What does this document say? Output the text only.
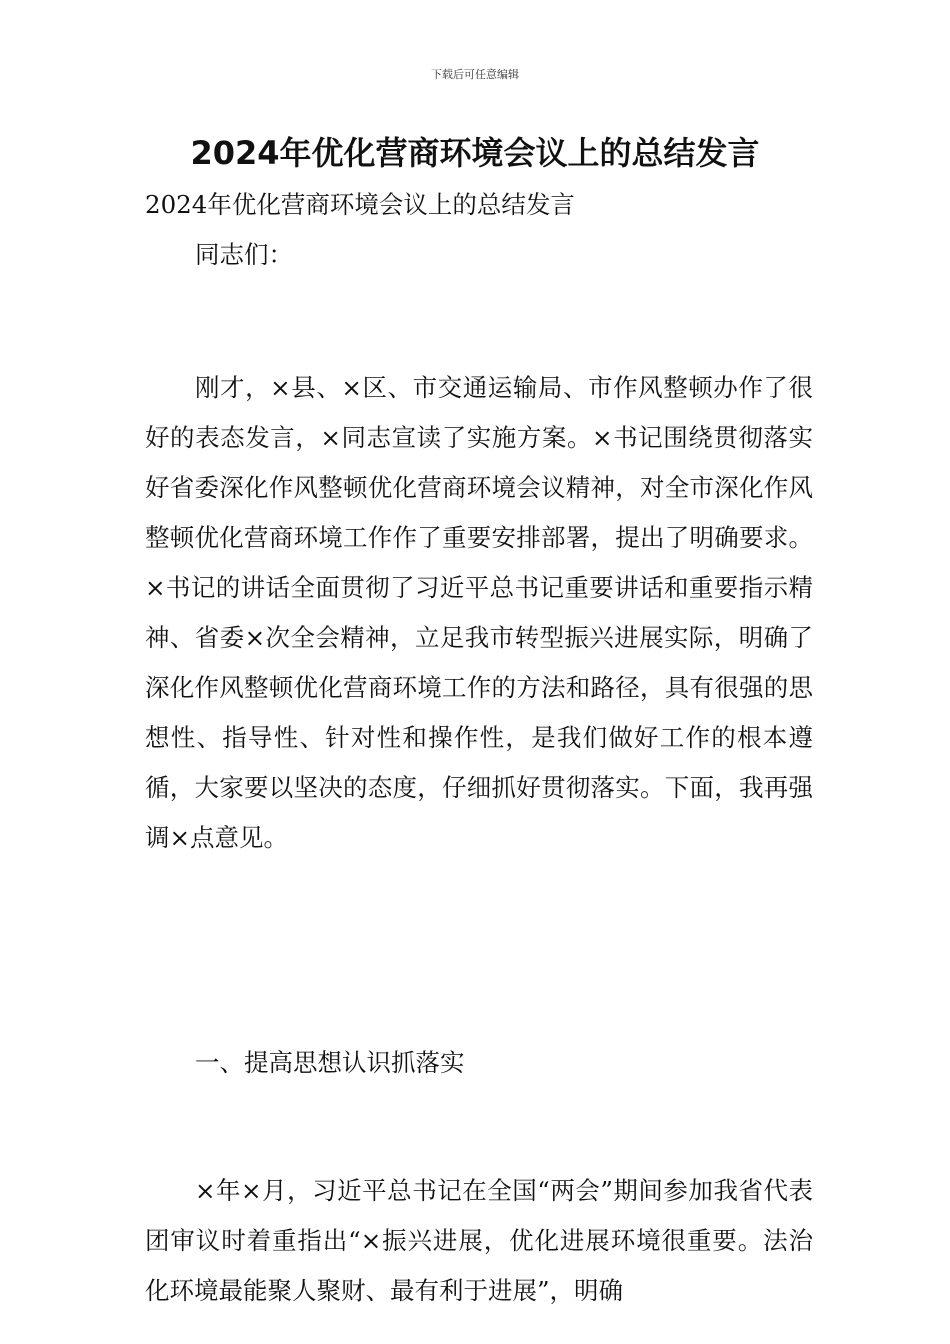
下载后可任意编辑
2024年优化营商环境会议上的总结发言

2024年优化营商环境会议上的总结发言

同志们：

刚才，×县、×区、市交通运输局、市作风整顿办作了很好的表态发言，×同志宣读了实施方案。×书记围绕贯彻落实好省委深化作风整顿优化营商环境会议精神，对全市深化作风整顿优化营商环境工作作了重要安排部署，提出了明确要求。×书记的讲话全面贯彻了习近平总书记重要讲话和重要指示精神、省委×次全会精神，立足我市转型振兴进展实际，明确了深化作风整顿优化营商环境工作的方法和路径，具有很强的思想性、指导性、针对性和操作性，是我们做好工作的根本遵循，大家要以坚决的态度，仔细抓好贯彻落实。下面，我再强调×点意见。

一、提高思想认识抓落实

×年×月，习近平总书记在全国“两会”期间参加我省代表团审议时着重指出“×振兴进展，优化进展环境很重要。法治化环境最能聚人聚财、最有利于进展”，明确
